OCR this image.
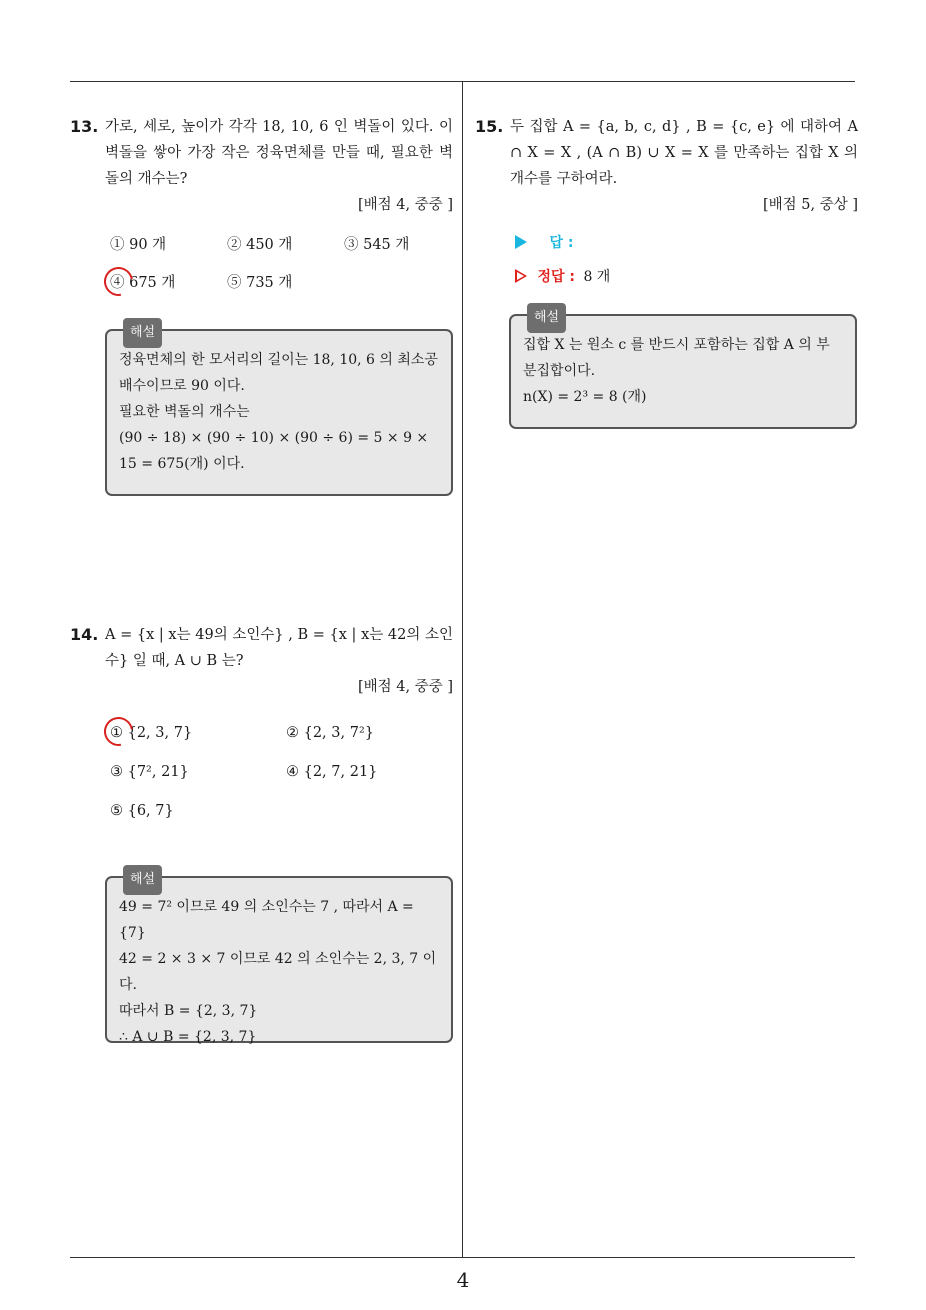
4
13. 가로, 세로, 높이가 각각 18, 10, 6 인 벽돌이 있다. 이 벽돌을 쌓아 가장 작은 정육면체를 만들 때, 필요한 벽돌의 개수는?
[배점 4, 중중 ]
① 90 개	② 450 개	③ 545 개
④ 675 개	⑤ 735 개
해설

정육면체의 한 모서리의 길이는 18, 10, 6 의 최소공배수이므로 90 이다.

필요한 벽돌의 개수는

(90 ÷ 18) × (90 ÷ 10) × (90 ÷ 6) = 5 × 9 × 15 = 675(개) 이다.

14. A = {x | x는 49의 소인수} , B = {x | x는 42의 소인수} 일 때, A ∪ B 는?
[배점 4, 중중 ]
① {2, 3, 7}	② {2, 3, 7²}
③ {7², 21}	④ {2, 7, 21}
⑤ {6, 7}
해설

49 = 7² 이므로 49 의 소인수는 7 , 따라서 A = {7}

42 = 2 × 3 × 7 이므로 42 의 소인수는 2, 3, 7 이다.

따라서 B = {2, 3, 7}

∴ A ∪ B = {2, 3, 7}

15. 두 집합 A = {a, b, c, d} , B = {c, e} 에 대하여 A ∩ X = X , (A ∩ B) ∪ X = X 를 만족하는 집합 X 의 개수를 구하여라.
[배점 5, 중상 ]
답 :
정답 : 8 개
해설

집합 X 는 원소 c 를 반드시 포함하는 집합 A 의 부분집합이다.

n(X) = 2³ = 8 (개)
